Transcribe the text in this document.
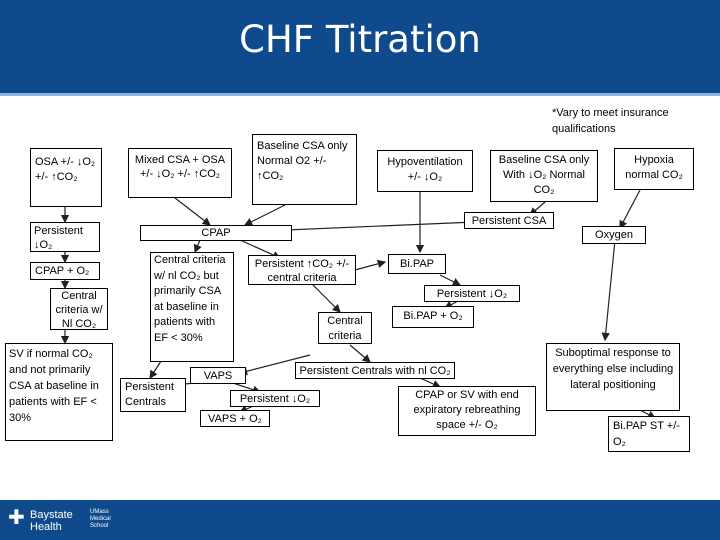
CHF Titration
*Vary to meet insurance qualifications
OSA +/- ↓O₂ +/- ↑CO₂
Mixed CSA + OSA +/- ↓O₂ +/- ↑CO₂
Baseline CSA only Normal O2 +/- ↑CO₂
Hypoventilation +/- ↓O₂
Baseline CSA only With ↓O₂ Normal CO₂
Hypoxia normal CO₂
Persistent ↓O₂
CPAP + O₂
Central criteria w/ Nl CO₂
SV if normal CO₂ and not primarily CSA at baseline in patients with EF < 30%
CPAP
Central criteria w/ nl CO₂ but primarily CSA at baseline in patients with EF < 30%
Persistent Centrals
VAPS
Persistent ↓O₂
VAPS + O₂
Persistent ↑CO₂ +/- central criteria
Central criteria
Persistent Centrals with nl CO₂
CPAP or SV with end expiratory rebreathing space +/- O₂
Bi.PAP
Persistent ↓O₂
Bi.PAP + O₂
Persistent CSA
Oxygen
Suboptimal response to everything else including lateral positioning
Bi.PAP ST +/- O₂
✚ Baystate
Health
UMass Medical School
